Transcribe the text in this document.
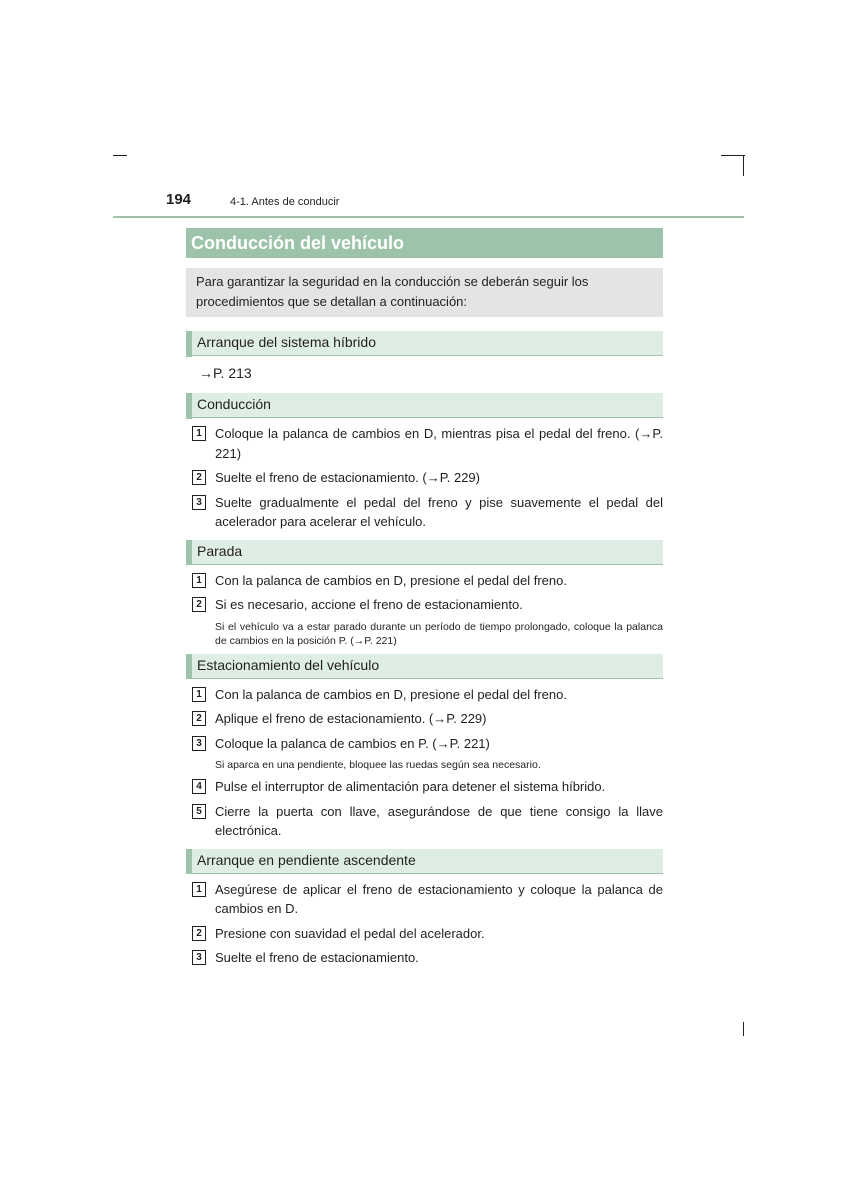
194	4-1. Antes de conducir
Conducción del vehículo
Para garantizar la seguridad en la conducción se deberán seguir los procedimientos que se detallan a continuación:
Arranque del sistema híbrido
→P. 213
Conducción
1	Coloque la palanca de cambios en D, mientras pisa el pedal del freno. (→P. 221)
2	Suelte el freno de estacionamiento. (→P. 229)
3	Suelte gradualmente el pedal del freno y pise suavemente el pedal del acelerador para acelerar el vehículo.
Parada
1	Con la palanca de cambios en D, presione el pedal del freno.
2	Si es necesario, accione el freno de estacionamiento.
Si el vehículo va a estar parado durante un período de tiempo prolongado, coloque la palanca de cambios en la posición P. (→P. 221)
Estacionamiento del vehículo
1	Con la palanca de cambios en D, presione el pedal del freno.
2	Aplique el freno de estacionamiento. (→P. 229)
3	Coloque la palanca de cambios en P. (→P. 221)
Si aparca en una pendiente, bloquee las ruedas según sea necesario.
4	Pulse el interruptor de alimentación para detener el sistema híbrido.
5	Cierre la puerta con llave, asegurándose de que tiene consigo la llave electrónica.
Arranque en pendiente ascendente
1	Asegúrese de aplicar el freno de estacionamiento y coloque la palanca de cambios en D.
2	Presione con suavidad el pedal del acelerador.
3	Suelte el freno de estacionamiento.
